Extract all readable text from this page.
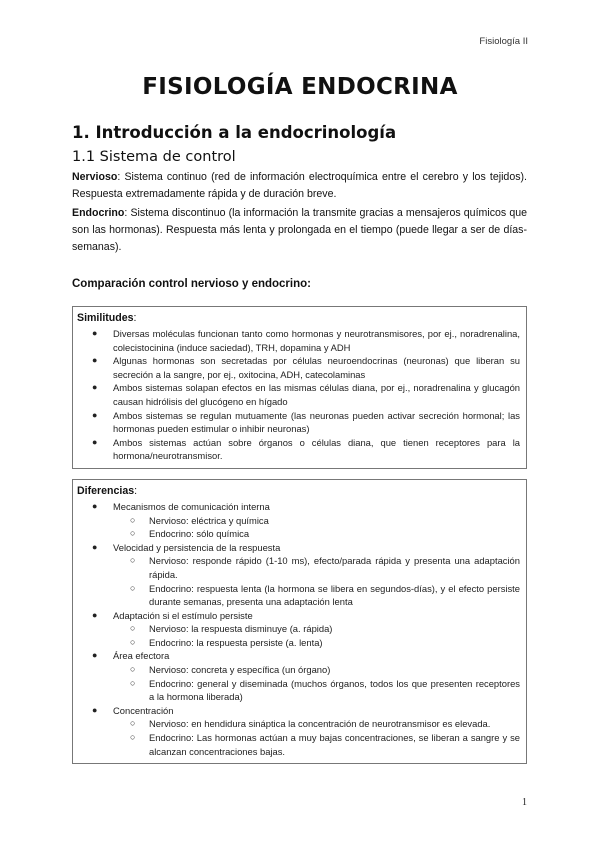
Fisiología II
FISIOLOGÍA ENDOCRINA
1. Introducción a la endocrinología
1.1 Sistema de control

Nervioso: Sistema continuo (red de información electroquímica entre el cerebro y los tejidos). Respuesta extremadamente rápida y de duración breve.

Endocrino: Sistema discontinuo (la información la transmite gracias a mensajeros químicos que son las hormonas). Respuesta más lenta y prolongada en el tiempo (puede llegar a ser de días-semanas).

Comparación control nervioso y endocrino:
Similitudes:
● Diversas moléculas funcionan tanto como hormonas y neurotransmisores, por ej., noradrenalina, colecistocinina (induce saciedad), TRH, dopamina y ADH
● Algunas hormonas son secretadas por células neuroendocrinas (neuronas) que liberan su secreción a la sangre, por ej., oxitocina, ADH, catecolaminas
● Ambos sistemas solapan efectos en las mismas células diana, por ej., noradrenalina y glucagón causan hidrólisis del glucógeno en hígado
● Ambos sistemas se regulan mutuamente (las neuronas pueden activar secreción hormonal; las hormonas pueden estimular o inhibir neuronas)
● Ambos sistemas actúan sobre órganos o células diana, que tienen receptores para la hormona/neurotransmisor.
Diferencias:
● Mecanismos de comunicación interna
○ Nervioso: eléctrica y química
○ Endocrino: sólo química
● Velocidad y persistencia de la respuesta
○ Nervioso: responde rápido (1-10 ms), efecto/parada rápida y presenta una adaptación rápida.
○ Endocrino: respuesta lenta (la hormona se libera en segundos-días), y el efecto persiste durante semanas, presenta una adaptación lenta
● Adaptación si el estímulo persiste
○ Nervioso: la respuesta disminuye (a. rápida)
○ Endocrino: la respuesta persiste (a. lenta)
● Área efectora
○ Nervioso: concreta y específica (un órgano)
○ Endocrino: general y diseminada (muchos órganos, todos los que presenten receptores a la hormona liberada)
● Concentración
○ Nervioso: en hendidura sináptica la concentración de neurotransmisor es elevada.
○ Endocrino: Las hormonas actúan a muy bajas concentraciones, se liberan a sangre y se alcanzan concentraciones bajas.
1
